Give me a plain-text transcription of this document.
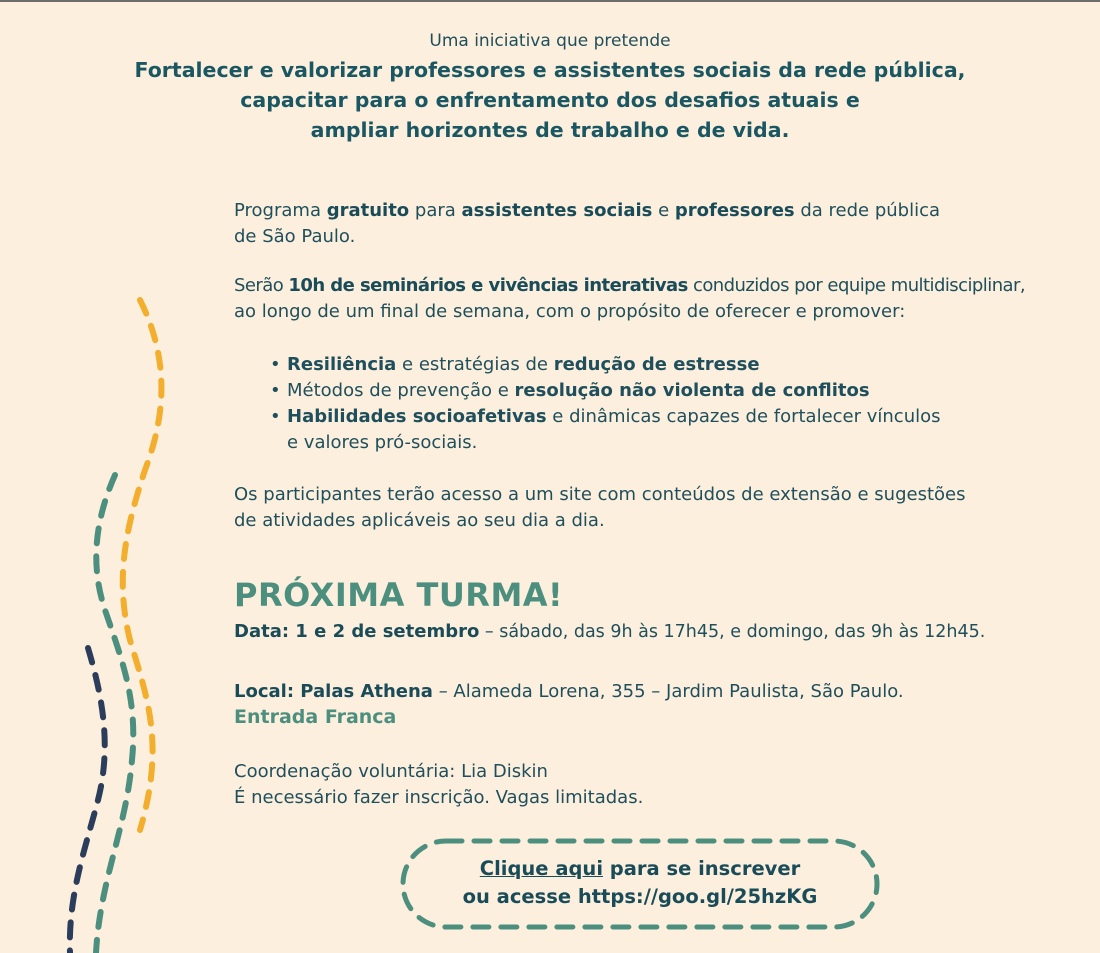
Uma iniciativa que pretende
Fortalecer e valorizar professores e assistentes sociais da rede pública,
capacitar para o enfrentamento dos desafios atuais e
ampliar horizontes de trabalho e de vida.
Programa gratuito para assistentes sociais e professores da rede pública
de São Paulo.
Serão 10h de seminários e vivências interativas conduzidos por equipe multidisciplinar,
ao longo de um final de semana, com o propósito de oferecer e promover:
• Resiliência e estratégias de redução de estresse
• Métodos de prevenção e resolução não violenta de conflitos
• Habilidades socioafetivas e dinâmicas capazes de fortalecer vínculos
e valores pró-sociais.
Os participantes terão acesso a um site com conteúdos de extensão e sugestões
de atividades aplicáveis ao seu dia a dia.
PRÓXIMA TURMA!
Data: 1 e 2 de setembro – sábado, das 9h às 17h45, e domingo, das 9h às 12h45.
Local: Palas Athena – Alameda Lorena, 355 – Jardim Paulista, São Paulo.
Entrada Franca
Coordenação voluntária: Lia Diskin
É necessário fazer inscrição. Vagas limitadas.
Clique aqui para se inscrever
ou acesse https://goo.gl/25hzKG
